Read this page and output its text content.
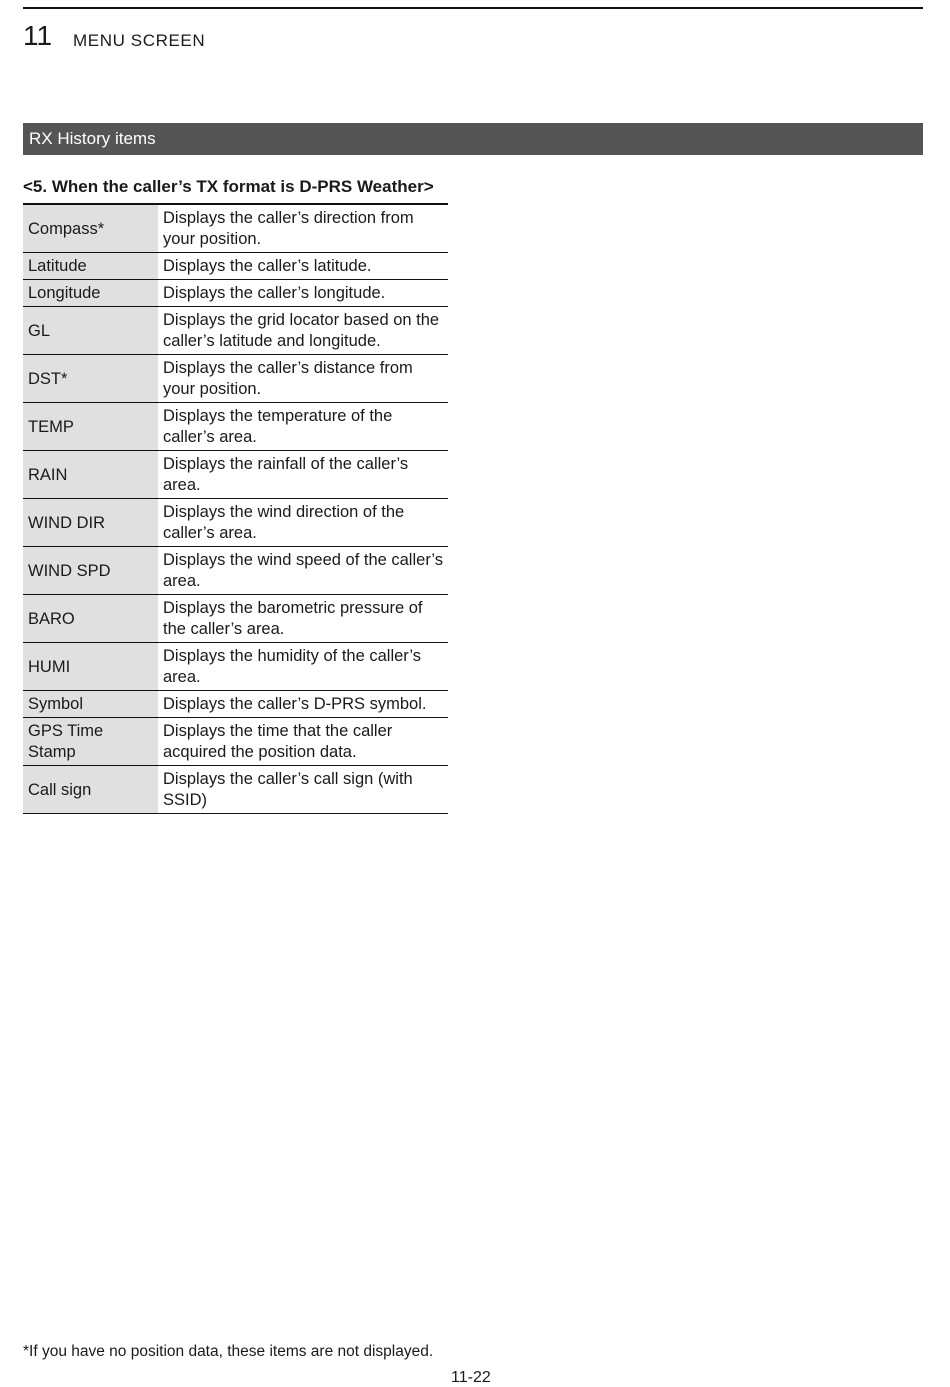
11 MENU SCREEN
RX History items
<5. When the caller’s TX format is D-PRS Weather>
Compass*	Displays the caller’s direction from your position.
Latitude	Displays the caller’s latitude.
Longitude	Displays the caller’s longitude.
GL	Displays the grid locator based on the caller’s latitude and longitude.
DST*	Displays the caller’s distance from your position.
TEMP	Displays the temperature of the caller’s area.
RAIN	Displays the rainfall of the caller’s area.
WIND DIR	Displays the wind direction of the caller’s area.
WIND SPD	Displays the wind speed of the caller’s area.
BARO	Displays the barometric pressure of the caller’s area.
HUMI	Displays the humidity of the caller’s area.
Symbol	Displays the caller’s D-PRS symbol.
GPS Time Stamp	Displays the time that the caller acquired the position data.
Call sign	Displays the caller’s call sign (with SSID)
*If you have no position data, these items are not displayed.
11-22
